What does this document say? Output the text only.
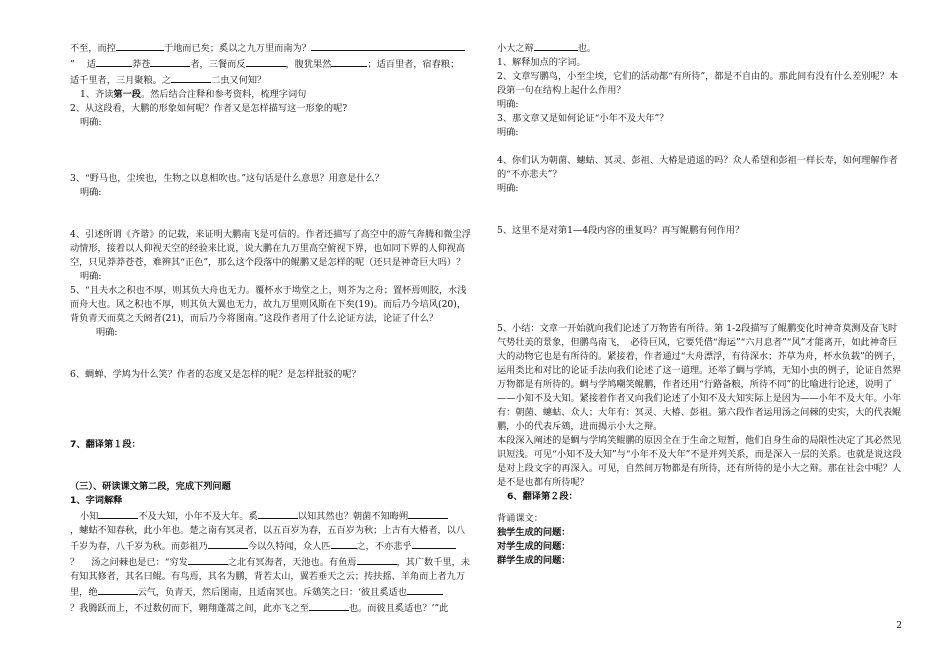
不至，而控	于地而已矣；奚以之九万里而南为？

”　 适	莽苍	者，三餐而反	，腹犹果然	；适百里者，宿舂粮；

适千里者，三月聚粮。之	二虫又何知？

1、齐读第一段。然后结合注释和参考资料，梳理字词句

2、从这段看，大鹏的形象如何呢？作者又是怎样描写这一形象的呢?

明确:

3、“野马也，尘埃也，生物之以息相吹也。”这句话是什么意思？用意是什么？

明确:

4、引述所谓《齐谐》的记载，来证明大鹏南飞是可信的。作者还描写了高空中的游气奔腾和微尘浮动情形，接着以人仰视天空的经验来比说，说大鹏在九万里高空俯视下界，也如同下界的人仰视高空，只见莽莽苍苍，难辨其“正色”，那么这个段落中的鲲鹏又是怎样的呢（还只是神奇巨大吗）？

明确:

5、“且夫水之积也不厚，则其负大舟也无力。覆杯水于坳堂之上，则芥为之舟；置杯焉则胶，水浅而舟大也。风之积也不厚，则其负大翼也无力，故九万里则风斯在下矣(19)。而后乃今培风(20)，背负青天而莫之夭阏者(21)，而后乃今将图南。”这段作者用了什么论证方法，论证了什么？

明确:

6、蜩蝉、学鸠为什么笑？作者的态度又是怎样的呢？是怎样批驳的呢？

7、翻译第１段：

（三）、研读课文第二段，完成下列问题

1、字词解释

小知	不及大知，小年不及大年。奚	以知其然也？朝菌不知晦朔

，蟪蛄不知春秋，此小年也。楚之南有冥灵者，以五百岁为春，五百岁为秋；上古有大椿者，以八千岁为春，八千岁为秋。而彭祖乃	今以久特闻，众人匹	之，不亦悲乎

？　 汤之问棘也是已：“穷发	之北有冥海者，天池也。有鱼焉	，其广数千里，未有知其修者，其名曰鲲。有鸟焉，其名为鹏，背若太山，翼若垂天之云；抟扶摇、羊角而上者九万里，绝	云气，负青天，然后图南，且适南冥也。斥鴳笑之曰：‘彼且奚适也

？我腾跃而上，不过数仞而下，翱翔蓬蒿之间，此亦飞之至	也。而彼且奚适也？’”此

小大之辩	也。

1、解释加点的字词。

2、文章写鹏鸟，小至尘埃，它们的活动都“有所待”，都是不自由的。那此间有没有什么差别呢？本段第一句在结构上起什么作用？

明确:

3、那文章又是如何论证“小年不及大年”？

明确:

4、你们认为朝菌、蟪蛄、冥灵、彭祖、大椿是逍遥的吗？众人希望和彭祖一样长寿，如何理解作者的“不亦悲夫”？

明确:

5、这里不是对第1—4段内容的重复吗？再写鲲鹏有何作用？

5、小结：文章一开始就向我们论述了万物皆有所待。第 1-2段描写了鲲鹏变化时神奇莫测及奋飞时气势壮美的景象，但鹏鸟南飞，　必待巨风，它要凭借“海运”“六月息者”“风”才能离开，如此神奇巨大的动物它也是有所待的。紧接着，作者通过“大舟漂浮，有待深水；芥草为舟，杯水负载”的例子，运用类比和对比的论证手法向我们论述了这一道理。还举了蜩与学鸠，无知小虫的例子，论证自然界万物都是有所待的。蜩与学鸠嘲笑鲲鹏，作者还用“行路备粮，所待不同”的比喻进行论述，说明了——小知不及大知。紧接着作者又向我们论述了小知不及大知实际上是因为——小年不及大年。小年有：朝菌、蟪蛄、众人；大年有：冥灵、大椿、彭祖。第六段作者运用汤之问棘的史实，大的代表鲲鹏，小的代表斥鴳，进而揭示小大之辩。

本段深入阐述的是蜩与学鸠笑鲲鹏的原因全在于生命之短暂，他们自身生命的局限性决定了其必然见识短浅。可见“小知不及大知”与“小年不及大年”不是并列关系，而是深入一层的关系。也就是说这段是对上段文字的再深入。可见，自然间万物都是有所待，还有所待的是小大之辩。那在社会中呢？人是不是也都有所待呢？

6、翻译第２段：

背诵课文：

独学生成的问题：

对学生成的问题：

群学生成的问题：

2
